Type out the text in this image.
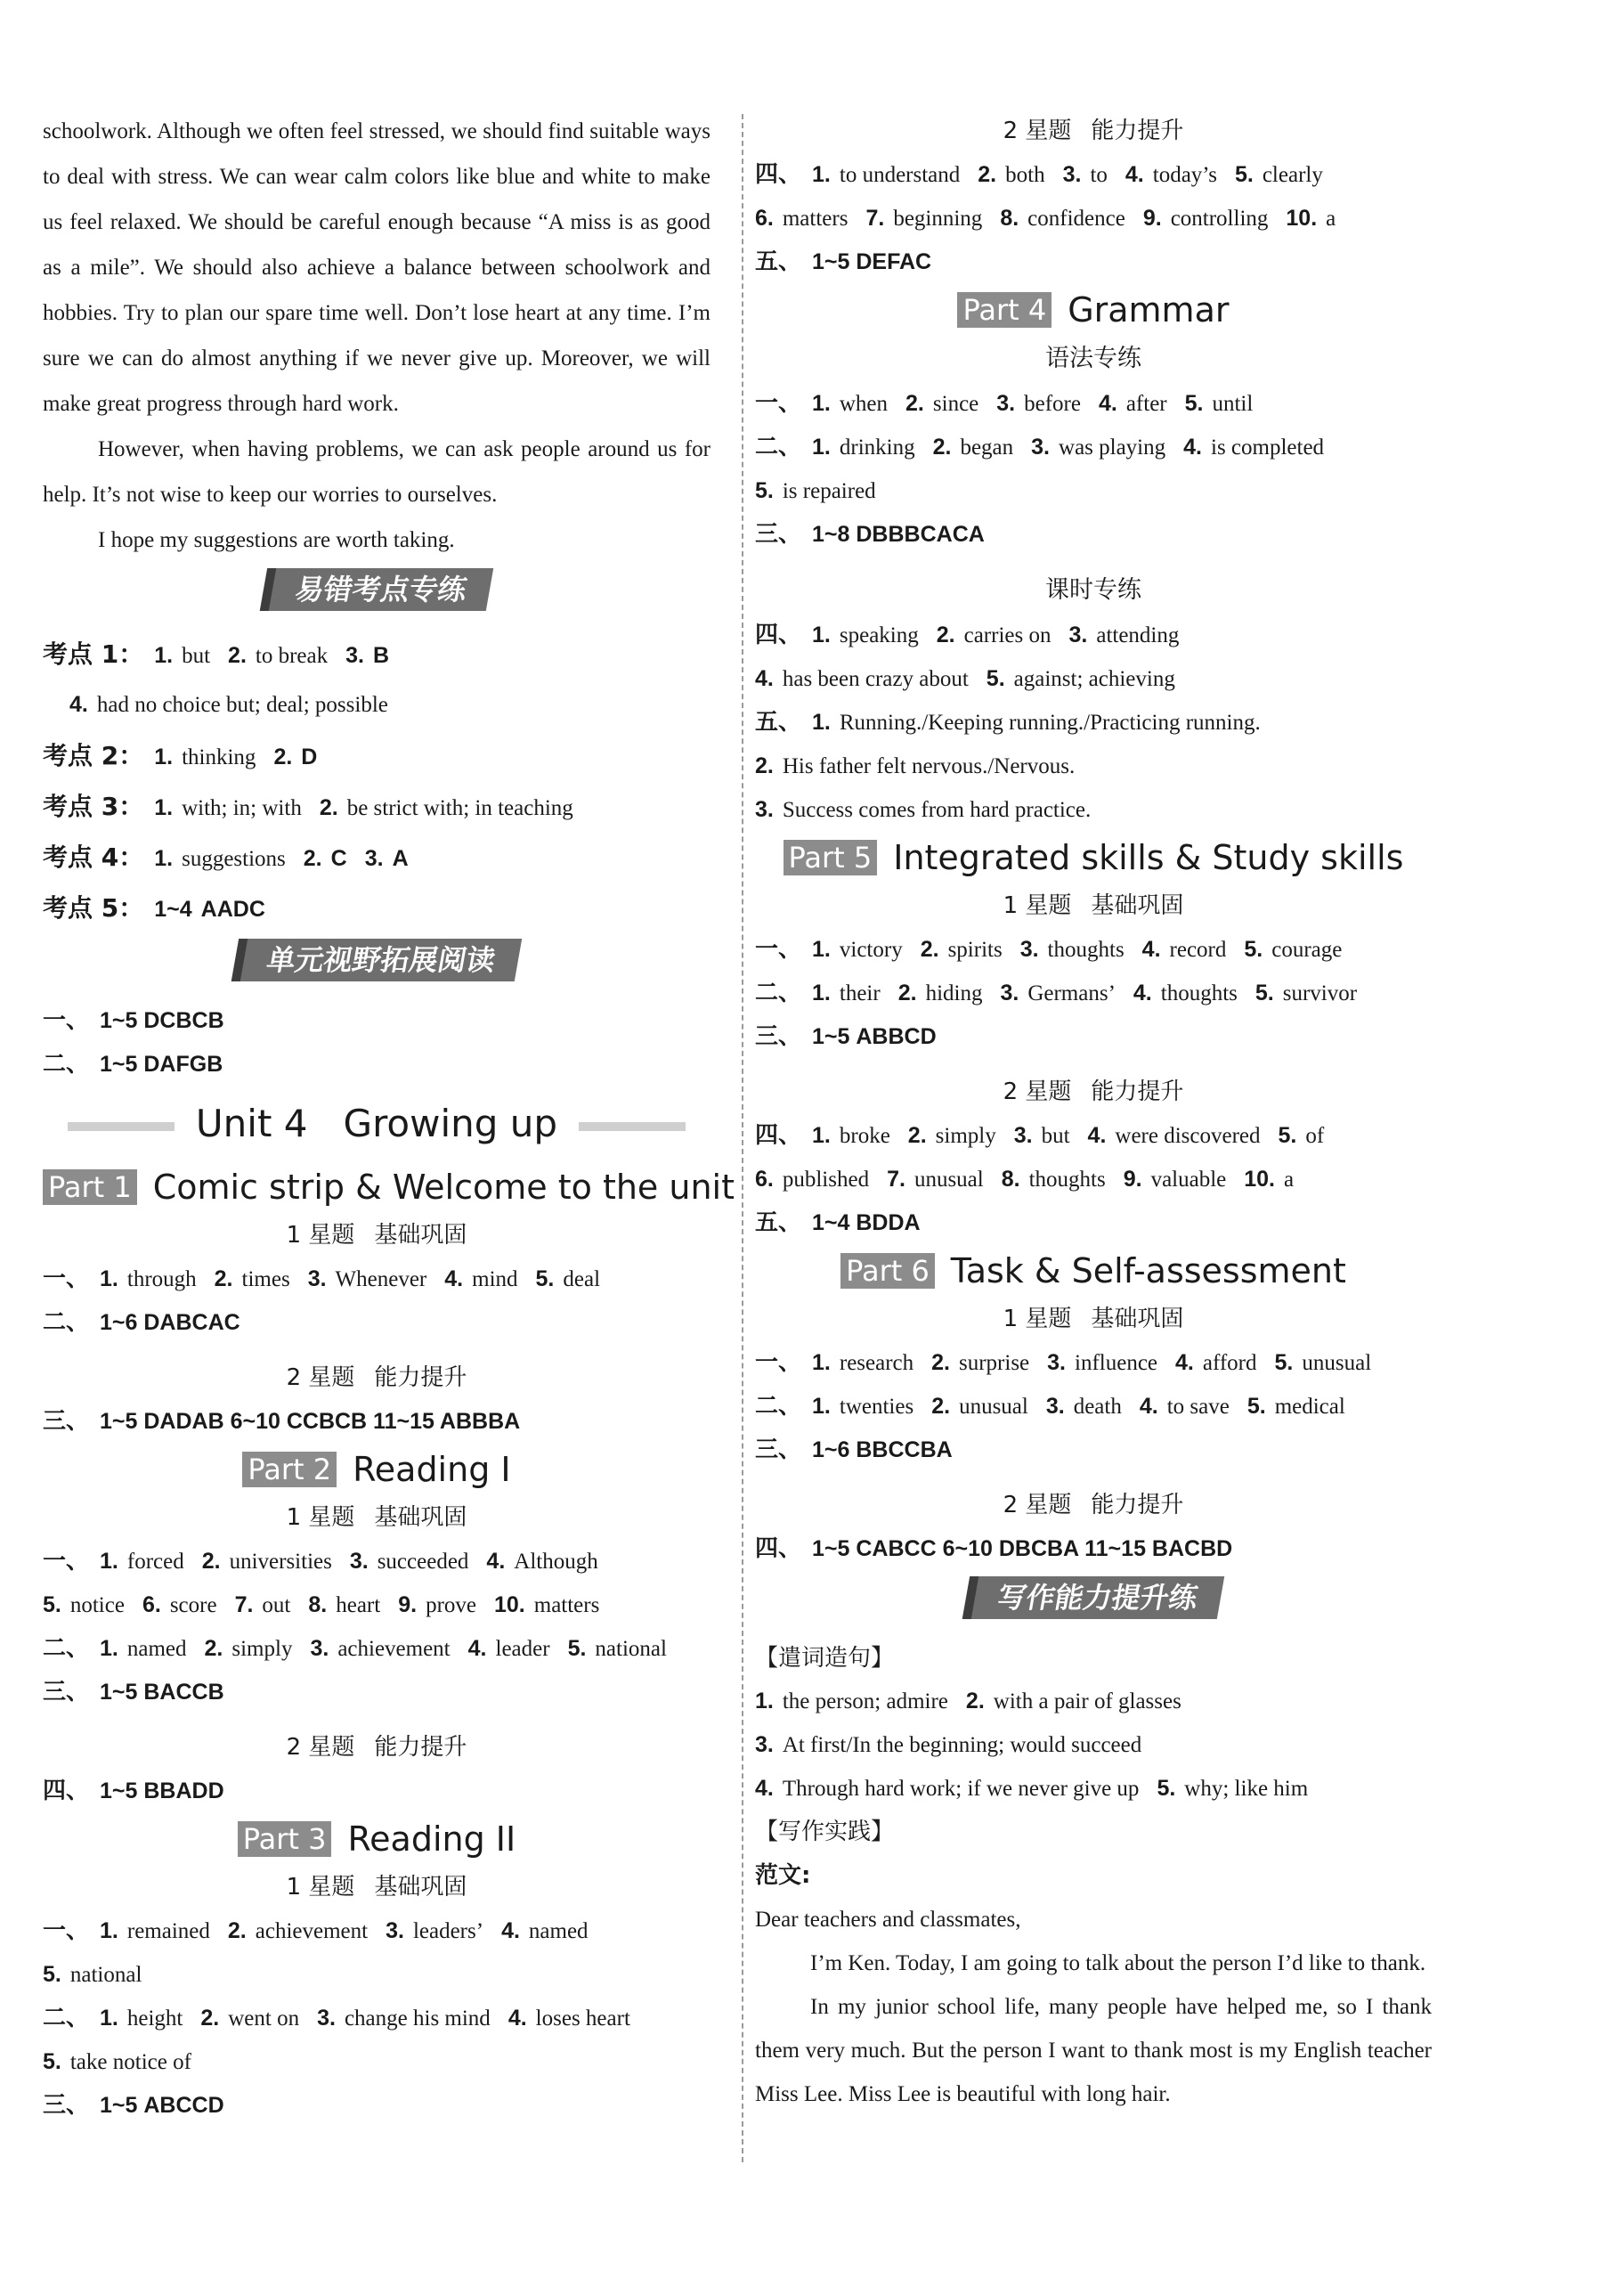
schoolwork. Although we often feel stressed, we should find suitable ways to deal with stress. We can wear calm colors like blue and white to make us feel relaxed. We should be careful enough because “A miss is as good as a mile”. We should also achieve a balance between schoolwork and hobbies. Try to plan our spare time well. Don’t lose heart at any time. I’m sure we can do almost anything if we never give up. Moreover, we will make great progress through hard work.

However, when having problems, we can ask people around us for help. It’s not wise to keep our worries to ourselves.

I hope my suggestions are worth taking.

易错考点专练

考点 1： 1. but 2. to break 3. B

4. had no choice but; deal; possible

考点 2： 1. thinking 2. D

考点 3： 1. with; in; with 2. be strict with; in teaching

考点 4： 1. suggestions 2. C 3. A

考点 5： 1~4 AADC

单元视野拓展阅读

一、 1~5 DCBCB

二、 1~5 DAFGB

Unit 4   Growing up
Part 1 Comic strip & Welcome to the unit
1 星题 基础巩固

一、 1. through 2. times 3. Whenever 4. mind 5. deal

二、 1~6 DABCAC

2 星题 能力提升

三、 1~5 DADAB 6~10 CCBCB 11~15 ABBBA

Part 2 Reading I
1 星题 基础巩固

一、 1. forced 2. universities 3. succeeded 4. Although

5. notice 6. score 7. out 8. heart 9. prove 10. matters

二、 1. named 2. simply 3. achievement 4. leader 5. national

三、 1~5 BACCB

2 星题 能力提升

四、 1~5 BBADD

Part 3 Reading II
1 星题 基础巩固

一、 1. remained 2. achievement 3. leaders’ 4. named

5. national

二、 1. height 2. went on 3. change his mind 4. loses heart

5. take notice of

三、 1~5 ABCCD

2 星题 能力提升

四、 1. to understand 2. both 3. to 4. today’s 5. clearly

6. matters 7. beginning 8. confidence 9. controlling 10. a

五、 1~5 DEFAC

Part 4 Grammar
语法专练

一、 1. when 2. since 3. before 4. after 5. until

二、 1. drinking 2. began 3. was playing 4. is completed

5. is repaired

三、 1~8 DBBBCACA

课时专练

四、 1. speaking 2. carries on 3. attending

4. has been crazy about 5. against; achieving

五、 1. Running./Keeping running./Practicing running.

2. His father felt nervous./Nervous.

3. Success comes from hard practice.

Part 5 Integrated skills & Study skills
1 星题 基础巩固

一、 1. victory 2. spirits 3. thoughts 4. record 5. courage

二、 1. their 2. hiding 3. Germans’ 4. thoughts 5. survivor

三、 1~5 ABBCD

2 星题 能力提升

四、 1. broke 2. simply 3. but 4. were discovered 5. of

6. published 7. unusual 8. thoughts 9. valuable 10. a

五、 1~4 BDDA

Part 6 Task & Self-assessment
1 星题 基础巩固

一、 1. research 2. surprise 3. influence 4. afford 5. unusual

二、 1. twenties 2. unusual 3. death 4. to save 5. medical

三、 1~6 BBCCBA

2 星题 能力提升

四、 1~5 CABCC 6~10 DBCBA 11~15 BACBD

写作能力提升练

【遣词造句】

1. the person; admire 2. with a pair of glasses

3. At first/In the beginning; would succeed

4. Through hard work; if we never give up 5. why; like him

【写作实践】

范文:

Dear teachers and classmates,

I’m Ken. Today, I am going to talk about the person I’d like to thank.

In my junior school life, many people have helped me, so I thank them very much. But the person I want to thank most is my English teacher Miss Lee. Miss Lee is beautiful with long hair.
